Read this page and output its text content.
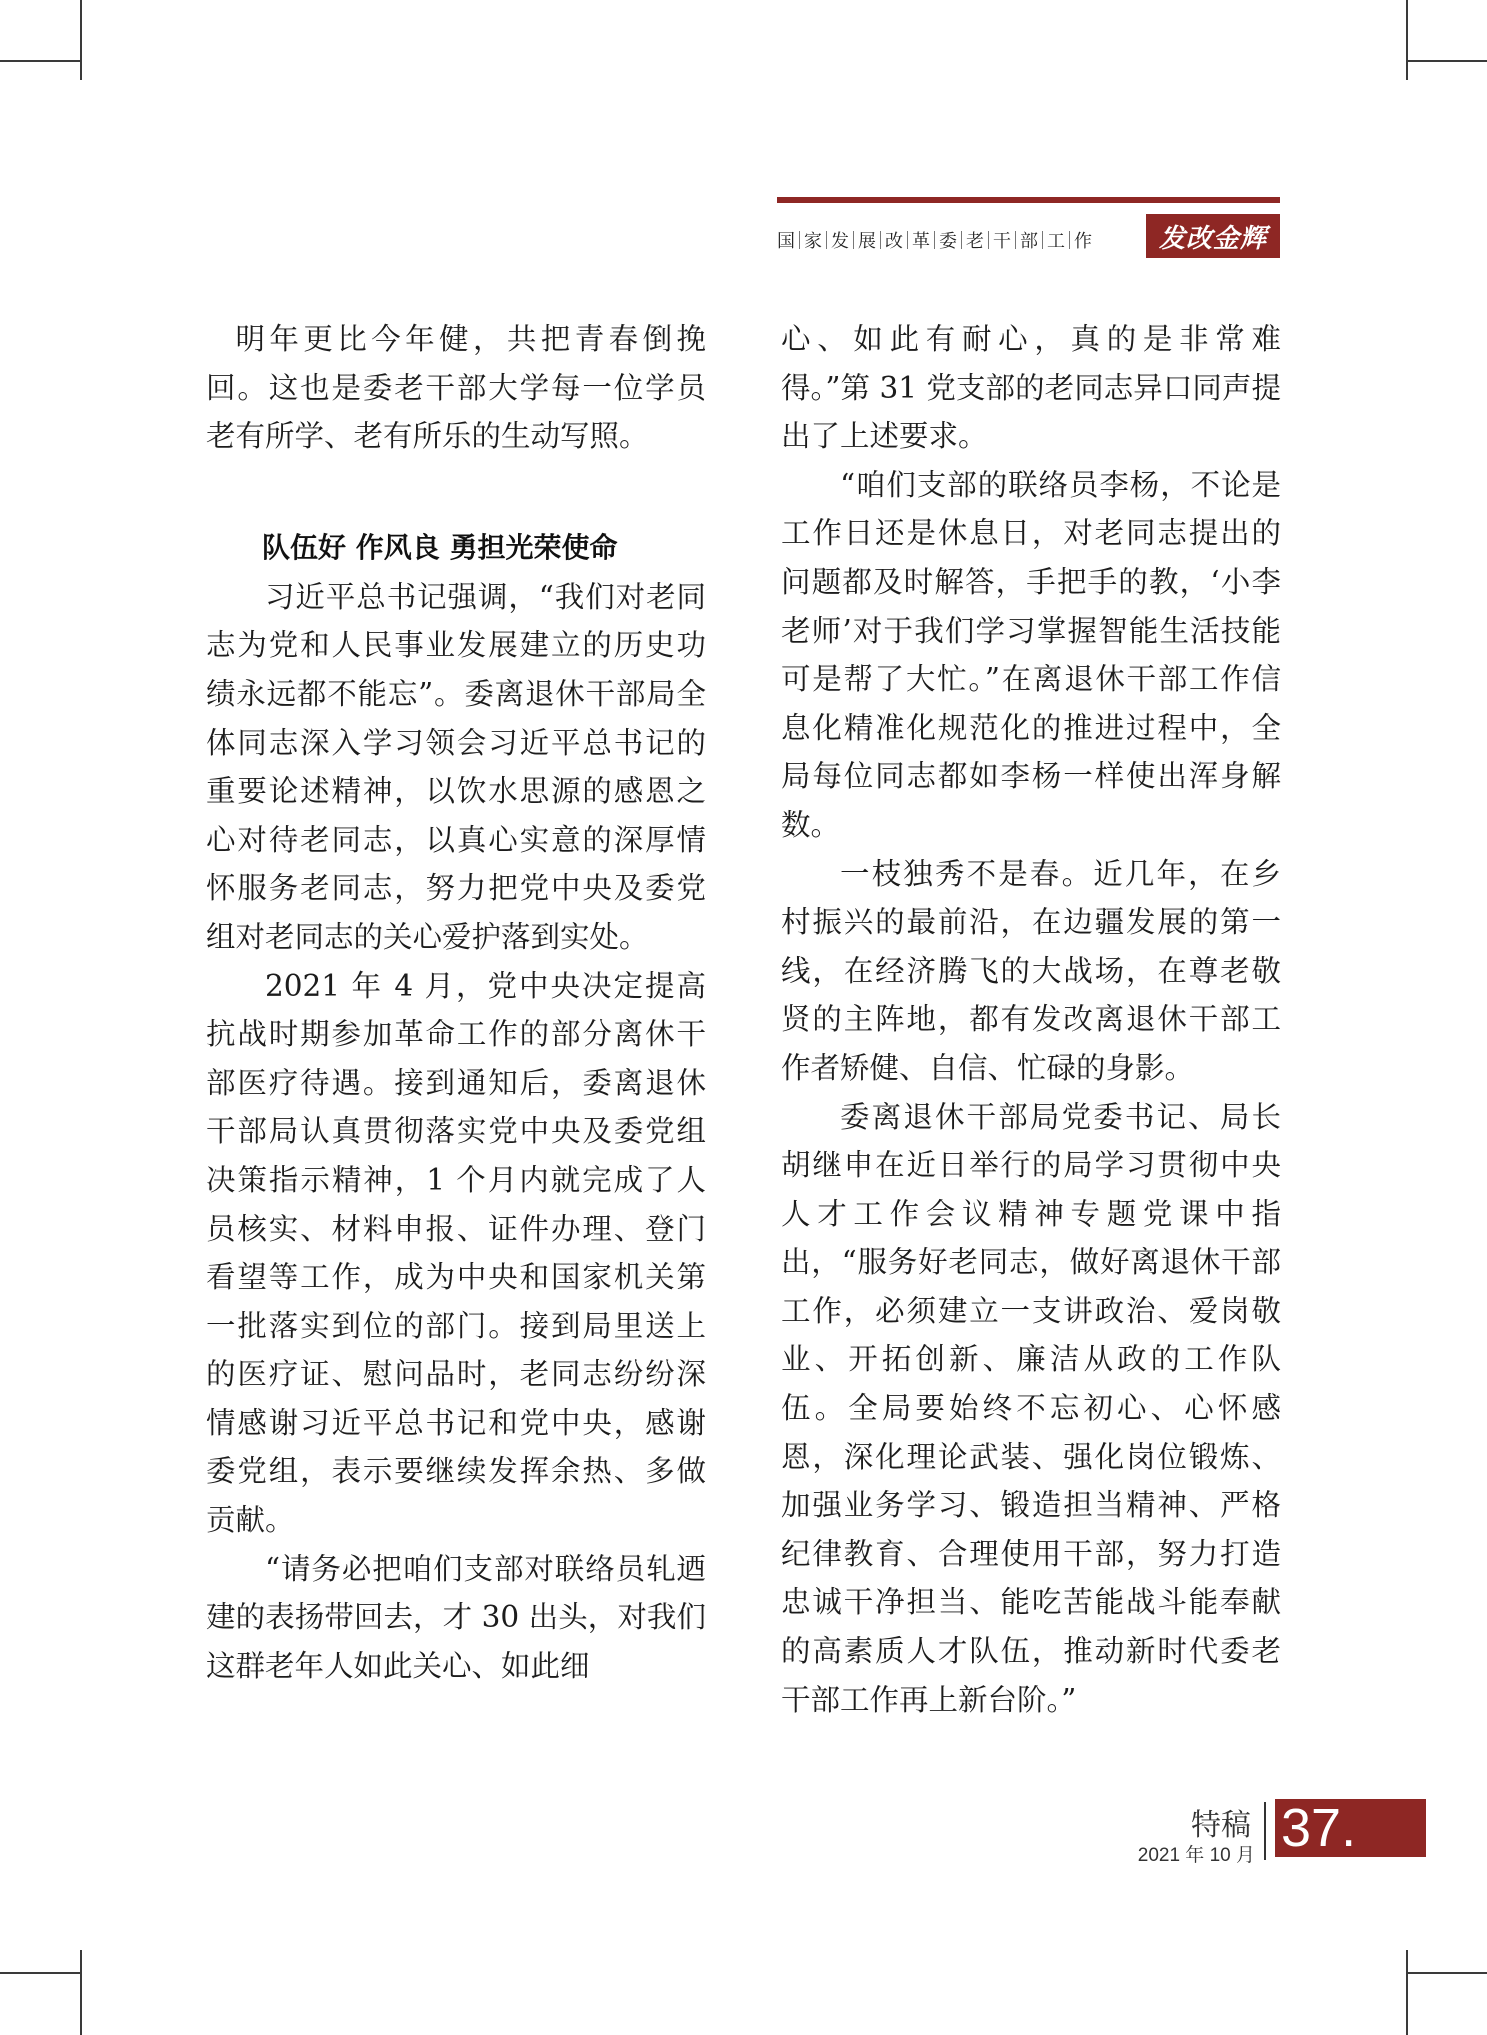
国 家 发 展 改 革 委 老 干 部 工 作	发改金辉

明年更比今年健，共把青春倒挽回。这也是委老干部大学每一位学员老有所学、老有所乐的生动写照。

队伍好 作风良 勇担光荣使命

习近平总书记强调，“我们对老同志为党和人民事业发展建立的历史功绩永远都不能忘”。委离退休干部局全体同志深入学习领会习近平总书记的重要论述精神，以饮水思源的感恩之心对待老同志，以真心实意的深厚情怀服务老同志，努力把党中央及委党组对老同志的关心爱护落到实处。

2021 年 4 月，党中央决定提高抗战时期参加革命工作的部分离休干部医疗待遇。接到通知后，委离退休干部局认真贯彻落实党中央及委党组决策指示精神，1 个月内就完成了人员核实、材料申报、证件办理、登门看望等工作，成为中央和国家机关第一批落实到位的部门。接到局里送上的医疗证、慰问品时，老同志纷纷深情感谢习近平总书记和党中央，感谢委党组，表示要继续发挥余热、多做贡献。

“请务必把咱们支部对联络员轧迺建的表扬带回去，才 30 出头，对我们这群老年人如此关心、如此细

心、如此有耐心，真的是非常难得。”第 31 党支部的老同志异口同声提出了上述要求。

“咱们支部的联络员李杨，不论是工作日还是休息日，对老同志提出的问题都及时解答，手把手的教，‘小李老师’对于我们学习掌握智能生活技能可是帮了大忙。”在离退休干部工作信息化精准化规范化的推进过程中，全局每位同志都如李杨一样使出浑身解数。

一枝独秀不是春。近几年，在乡村振兴的最前沿，在边疆发展的第一线，在经济腾飞的大战场，在尊老敬贤的主阵地，都有发改离退休干部工作者矫健、自信、忙碌的身影。

委离退休干部局党委书记、局长胡继申在近日举行的局学习贯彻中央人才工作会议精神专题党课中指出，“服务好老同志，做好离退休干部工作，必须建立一支讲政治、爱岗敬业、开拓创新、廉洁从政的工作队伍。全局要始终不忘初心、心怀感恩，深化理论武装、强化岗位锻炼、加强业务学习、锻造担当精神、严格纪律教育、合理使用干部，努力打造忠诚干净担当、能吃苦能战斗能奉献的高素质人才队伍，推动新时代委老干部工作再上新台阶。”

特稿
2021 年 10 月 37.
